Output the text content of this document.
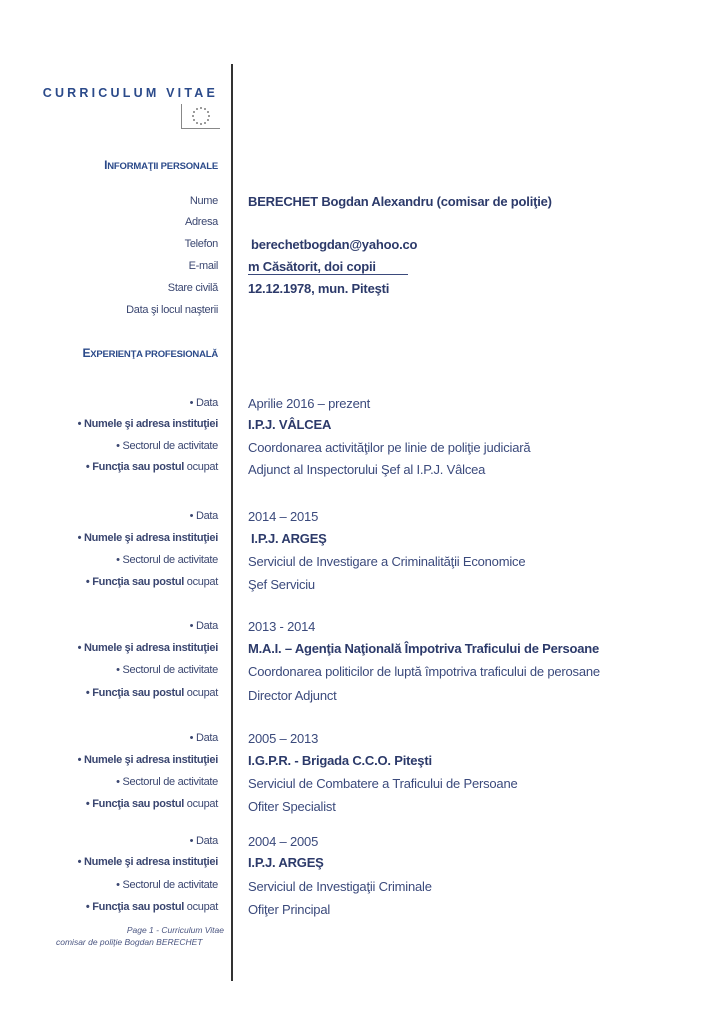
CURRICULUM VITAE
INFORMAŢII PERSONALE
Nume
Adresa
Telefon
E-mail
Stare civilă
Data şi locul naşterii
BERECHET Bogdan Alexandru (comisar de poliţie)
berechetbogdan@yahoo.co
m Căsătorit, doi copii
12.12.1978, mun. Piteşti
EXPERIENŢA PROFESIONALĂ
• Data
• Numele şi adresa instituţiei
• Sectorul de activitate
• Funcţia sau postul ocupat
Aprilie 2016 – prezent
I.P.J. VÂLCEA
Coordonarea activităţilor pe linie de poliţie judiciară
Adjunct al Inspectorului Şef al I.P.J. Vâlcea
• Data
• Numele şi adresa instituţiei
• Sectorul de activitate
• Funcţia sau postul ocupat
2014 – 2015
I.P.J. ARGEŞ
Serviciul de Investigare a Criminalităţii Economice
Şef Serviciu
• Data
• Numele şi adresa instituţiei
• Sectorul de activitate
• Funcţia sau postul ocupat
2013 - 2014
M.A.I. – Agenţia Naţională Împotriva Traficului de Persoane
Coordonarea politicilor de luptă împotriva traficului de perosane
Director Adjunct
• Data
• Numele şi adresa instituţiei
• Sectorul de activitate
• Funcţia sau postul ocupat
2005 – 2013
I.G.P.R. - Brigada C.C.O. Piteşti
Serviciul de Combatere a Traficului de Persoane
Ofiter Specialist
• Data
• Numele şi adresa instituţiei
• Sectorul de activitate
• Funcţia sau postul ocupat
2004 – 2005
I.P.J. ARGEŞ
Serviciul de Investigaţii Criminale
Ofiţer Principal
Page 1 - Curriculum Vitae
comisar de poliţie Bogdan BERECHET
